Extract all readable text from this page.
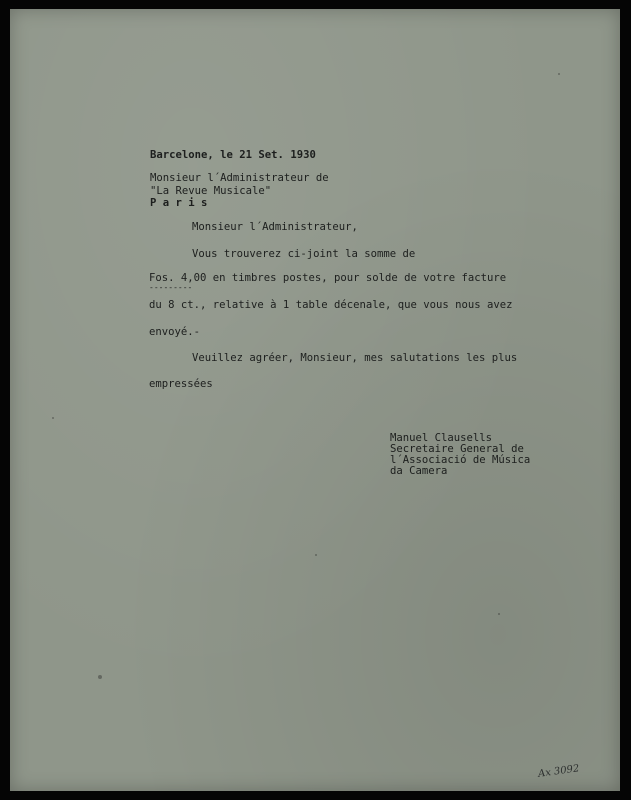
Barcelone, le 21 Set. 1930
Monsieur l´Administrateur de
"La Revue Musicale"
P a r i s
Monsieur l´Administrateur,
Vous trouverez ci-joint la somme de
Fos. 4,00 en timbres postes, pour solde de votre facture
---------
du 8 ct., relative à 1 table décenale, que vous nous avez
envoyé.-
Veuillez agréer, Monsieur, mes salutations les plus
empressées
Manuel Clausells
Secretaire General de
l´Associació de Música
da Camera
Ax 3092
